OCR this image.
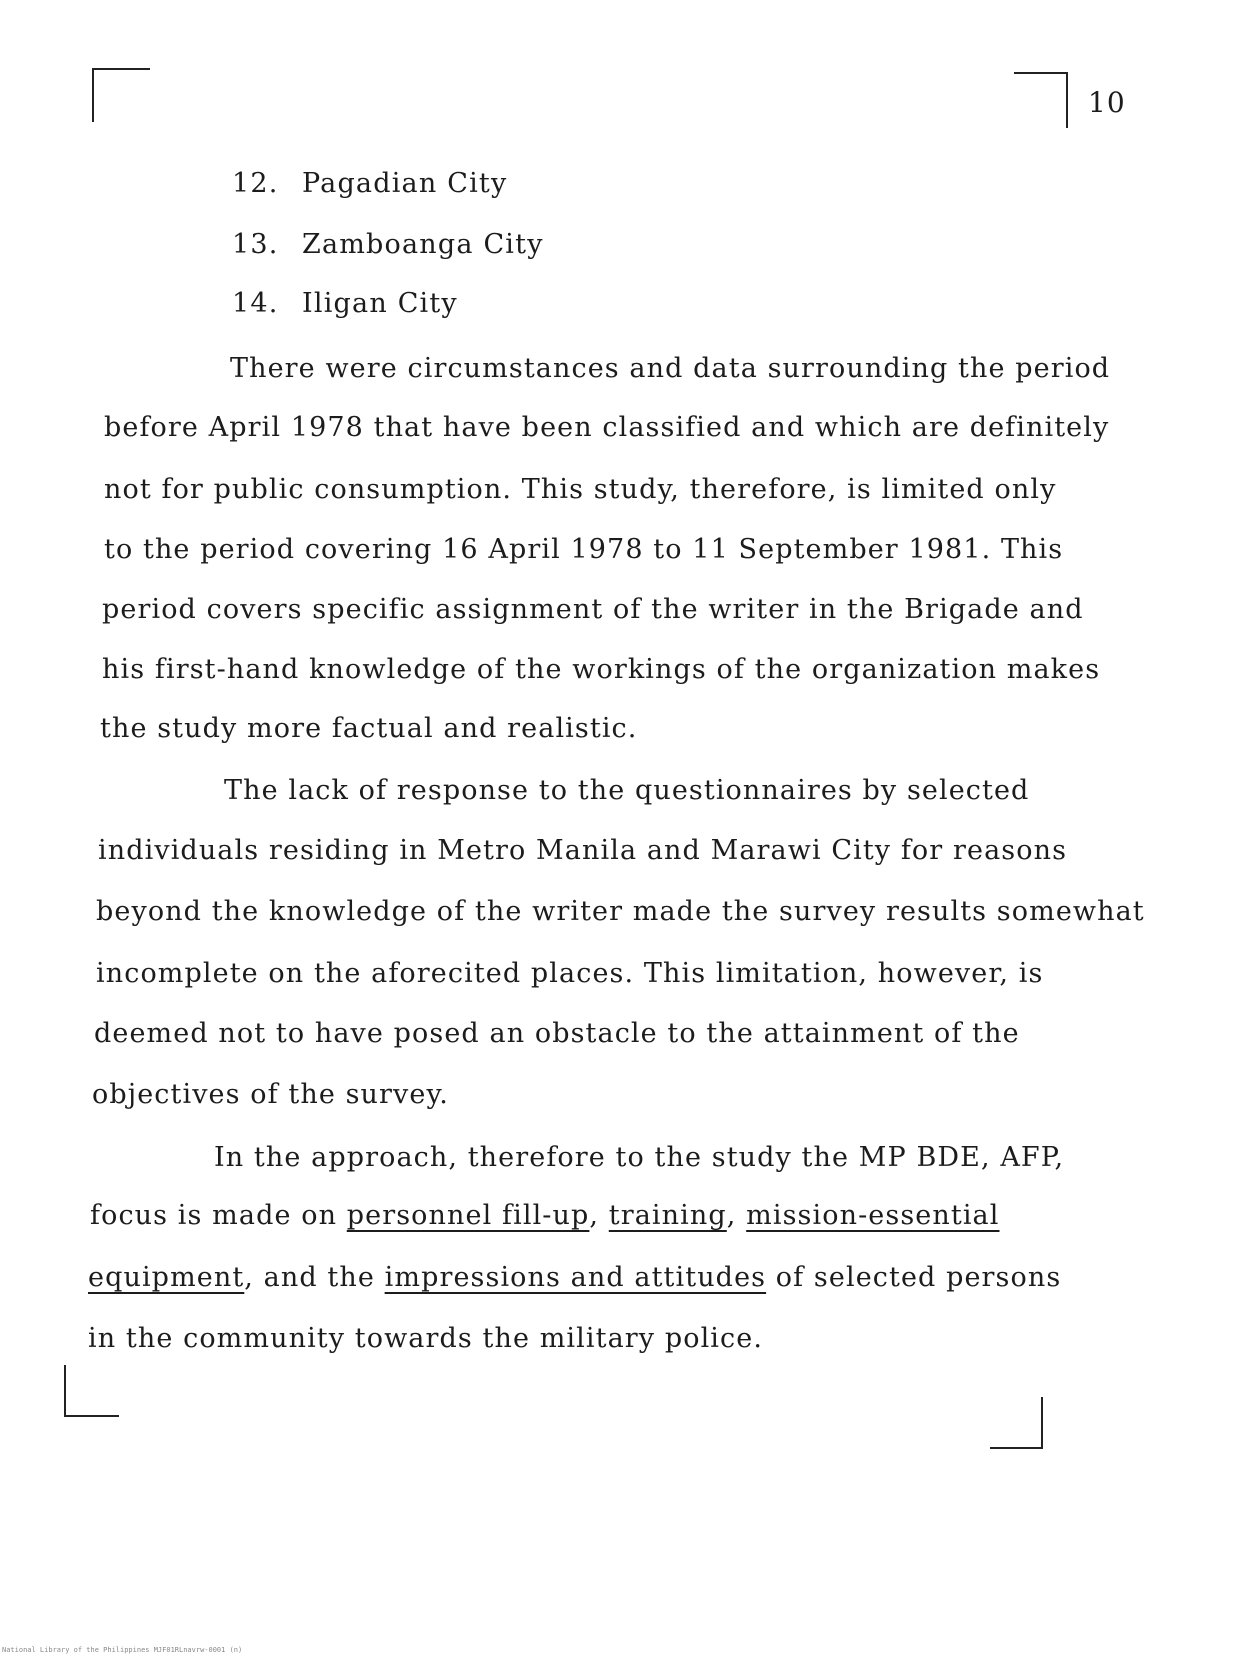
10
12. Pagadian City
13. Zamboanga City
14. Iligan City
There were circumstances and data surrounding the period
before April 1978 that have been classified and which are definitely
not for public consumption. This study, therefore, is limited only
to the period covering 16 April 1978 to 11 September 1981. This
period covers specific assignment of the writer in the Brigade and
his first-hand knowledge of the workings of the organization makes
the study more factual and realistic.
The lack of response to the questionnaires by selected
individuals residing in Metro Manila and Marawi City for reasons
beyond the knowledge of the writer made the survey results somewhat
incomplete on the aforecited places. This limitation, however, is
deemed not to have posed an obstacle to the attainment of the
objectives of the survey.
In the approach, therefore to the study the MP BDE, AFP,
focus is made on personnel fill-up, training, mission-essential
equipment, and the impressions and attitudes of selected persons
in the community towards the military police.
National Library of the Philippines MJF01RLnavrw-0001 (n)
